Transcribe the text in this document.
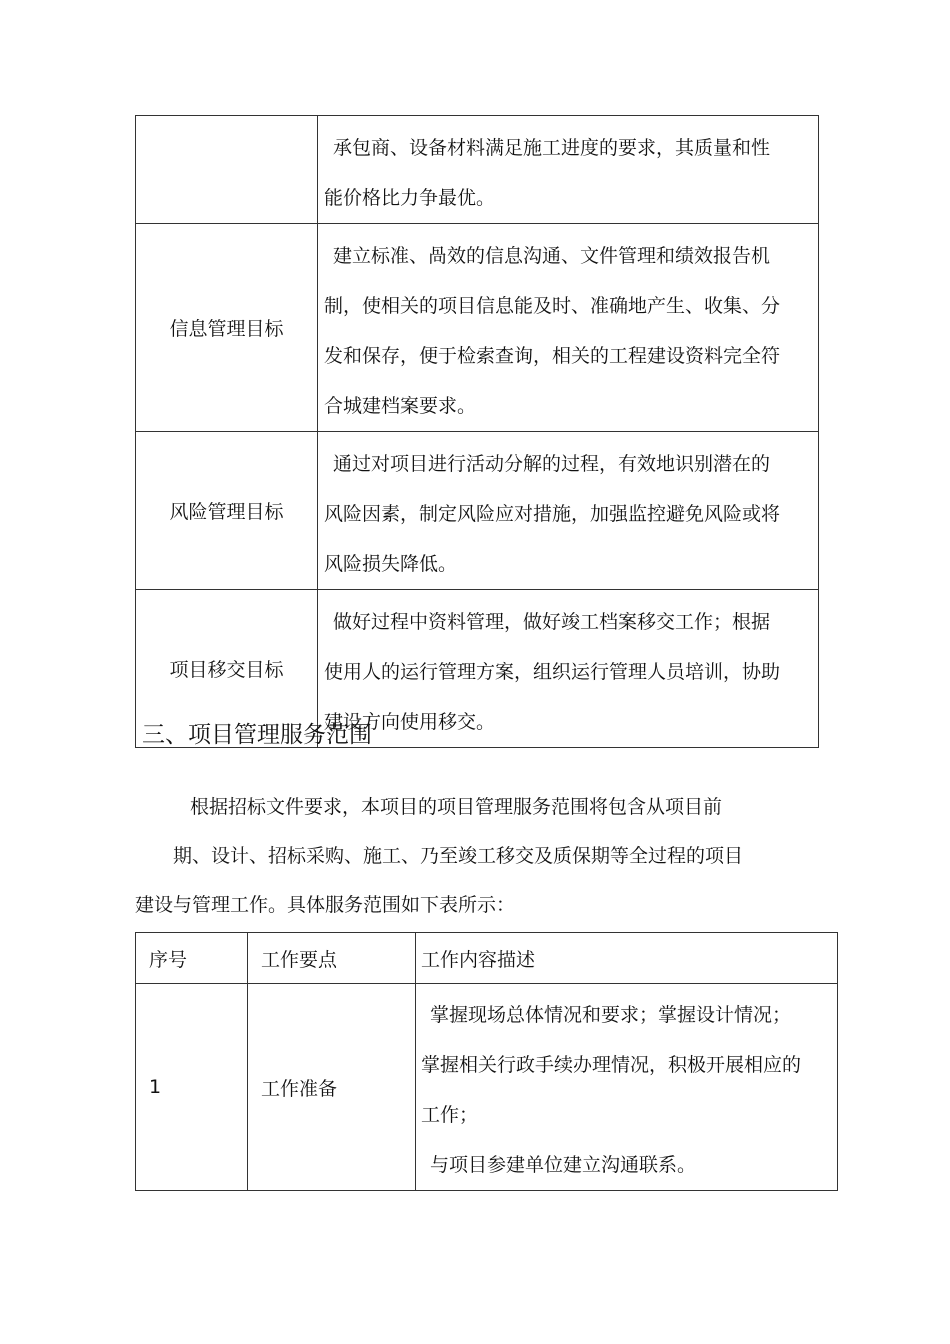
	承包商、设备材料满足施工进度的要求，其质量和性
能价格比力争最优。

信息管理目标	建立标准、咼效的信息沟通、文件管理和绩效报告机
制，使相关的项目信息能及时、准确地产生、收集、分
发和保存，便于检索查询，相关的工程建设资料完全符
合城建档案要求。

风险管理目标	通过对项目进行活动分解的过程，有效地识别潜在的
风险因素，制定风险应对措施，加强监控避免风险或将
风险损失降低。

项目移交目标	做好过程中资料管理，做好竣工档案移交工作；根据
使用人的运行管理方案，组织运行管理人员培训，协助
建设方向使用移交。
三、项目管理服务范围
根据招标文件要求，本项目的项目管理服务范围将包含从项目前
期、设计、招标采购、施工、乃至竣工移交及质保期等全过程的项目
建设与管理工作。具体服务范围如下表所示：
序号	工作要点	工作内容描述
1	工作准备	掌握现场总体情况和要求；掌握设计情况；
掌握相关行政手续办理情况，积极开展相应的
工作；
与项目参建单位建立沟通联系。
